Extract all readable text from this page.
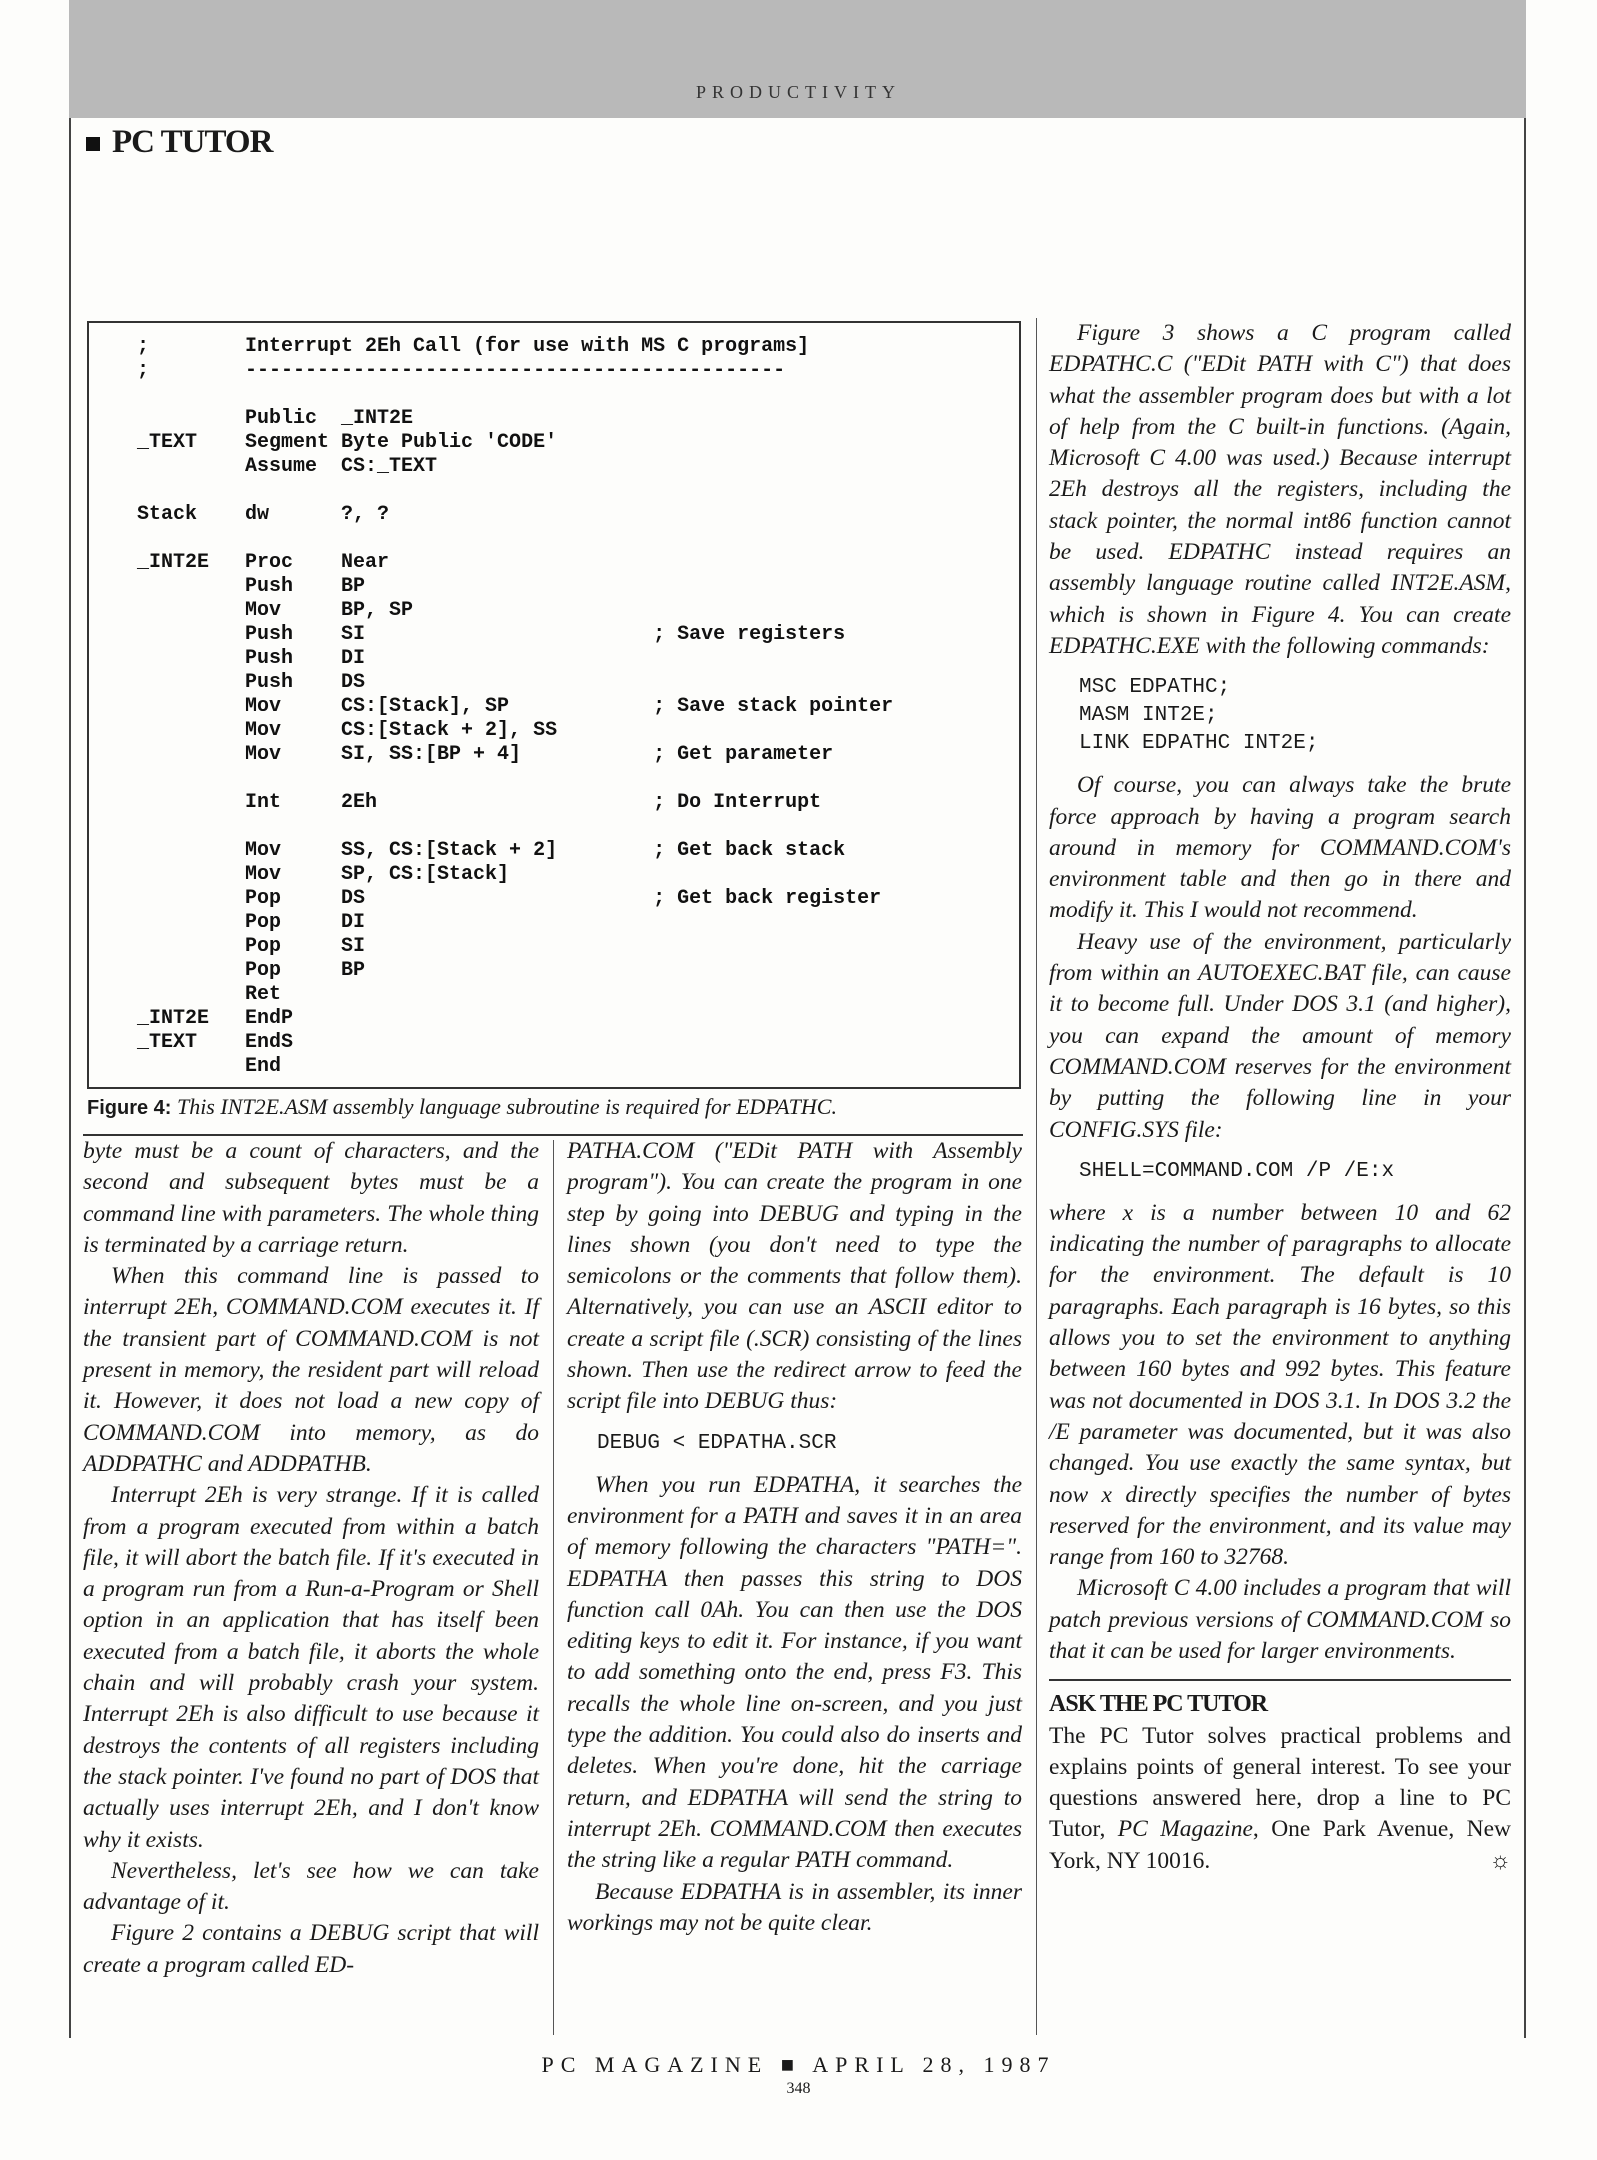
PRODUCTIVITY
PC TUTOR
;        Interrupt 2Eh Call (for use with MS C programs]
;        ---------------------------------------------

Public  _INT2E
_TEXT    Segment Byte Public 'CODE'
Assume  CS:_TEXT

Stack    dw      ?, ?

_INT2E   Proc    Near
Push    BP
Mov     BP, SP
Push    SI                        ; Save registers
Push    DI
Push    DS
Mov     CS:[Stack], SP            ; Save stack pointer
Mov     CS:[Stack + 2], SS
Mov     SI, SS:[BP + 4]           ; Get parameter

Int     2Eh                       ; Do Interrupt

Mov     SS, CS:[Stack + 2]        ; Get back stack
Mov     SP, CS:[Stack]
Pop     DS                        ; Get back register
Pop     DI
Pop     SI
Pop     BP
Ret
_INT2E   EndP
_TEXT    EndS
End
Figure 4: This INT2E.ASM assembly language subroutine is required for EDPATHC.

Figure 3 shows a C program called EDPATHC.C ("EDit PATH with C") that does what the assembler program does but with a lot of help from the C built-in functions. (Again, Microsoft C 4.00 was used.) Because interrupt 2Eh destroys all the registers, including the stack pointer, the normal int86 function cannot be used. EDPATHC instead requires an assembly language routine called INT2E.ASM, which is shown in Figure 4. You can create EDPATHC.EXE with the following commands:

MSC EDPATHC;
MASM INT2E;
LINK EDPATHC INT2E;

Of course, you can always take the brute force approach by having a program search around in memory for COMMAND.COM's environment table and then go in there and modify it. This I would not recommend.

Heavy use of the environment, particularly from within an AUTOEXEC.BAT file, can cause it to become full. Under DOS 3.1 (and higher), you can expand the amount of memory COMMAND.COM reserves for the environment by putting the following line in your CONFIG.SYS file:

SHELL=COMMAND.COM /P /E:x

where x is a number between 10 and 62 indicating the number of paragraphs to allocate for the environment. The default is 10 paragraphs. Each paragraph is 16 bytes, so this allows you to set the environment to anything between 160 bytes and 992 bytes. This feature was not documented in DOS 3.1. In DOS 3.2 the /E parameter was documented, but it was also changed. You use exactly the same syntax, but now x directly specifies the number of bytes reserved for the environment, and its value may range from 160 to 32768.

Microsoft C 4.00 includes a program that will patch previous versions of COMMAND.COM so that it can be used for larger environments.

ASK THE PC TUTOR
The PC Tutor solves practical problems and explains points of general interest. To see your questions answered here, drop a line to PC Tutor, PC Magazine, One Park Avenue, New York, NY 10016.	☼

byte must be a count of characters, and the second and subsequent bytes must be a command line with parameters. The whole thing is terminated by a carriage return.

When this command line is passed to interrupt 2Eh, COMMAND.COM executes it. If the transient part of COMMAND.COM is not present in memory, the resident part will reload it. However, it does not load a new copy of COMMAND.COM into memory, as do ADDPATHC and ADDPATHB.

Interrupt 2Eh is very strange. If it is called from a program executed from within a batch file, it will abort the batch file. If it's executed in a program run from a Run-a-Program or Shell option in an application that has itself been executed from a batch file, it aborts the whole chain and will probably crash your system. Interrupt 2Eh is also difficult to use because it destroys the contents of all registers including the stack pointer. I've found no part of DOS that actually uses interrupt 2Eh, and I don't know why it exists.

Nevertheless, let's see how we can take advantage of it.

Figure 2 contains a DEBUG script that will create a program called ED-

PATHA.COM ("EDit PATH with Assembly program"). You can create the program in one step by going into DEBUG and typing in the lines shown (you don't need to type the semicolons or the comments that follow them). Alternatively, you can use an ASCII editor to create a script file (.SCR) consisting of the lines shown. Then use the redirect arrow to feed the script file into DEBUG thus:

DEBUG < EDPATHA.SCR

When you run EDPATHA, it searches the environment for a PATH and saves it in an area of memory following the characters "PATH=". EDPATHA then passes this string to DOS function call 0Ah. You can then use the DOS editing keys to edit it. For instance, if you want to add something onto the end, press F3. This recalls the whole line on-screen, and you just type the addition. You could also do inserts and deletes. When you're done, hit the carriage return, and EDPATHA will send the string to interrupt 2Eh. COMMAND.COM then executes the string like a regular PATH command.

Because EDPATHA is in assembler, its inner workings may not be quite clear.

PC MAGAZINE ■ APRIL 28, 1987
348
